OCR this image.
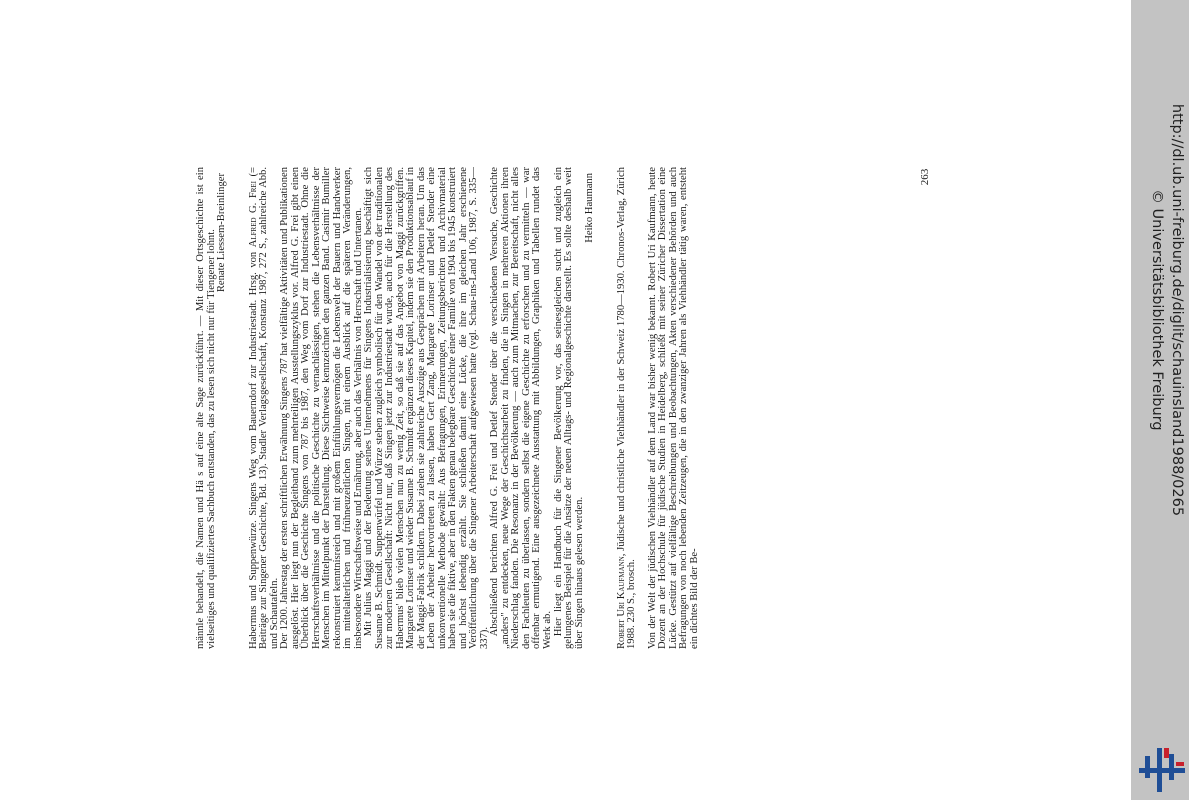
männle behandelt, die Namen und Hä s auf eine alte Sage zurückführt. — Mit dieser Ortsgeschichte ist ein vielseitiges und qualifiziertes Sachbuch entstanden, das zu lesen sich nicht nur für Tiengener lohnt. Renate Liessem-Breinlinger

Habermus und Suppenwürze. Singens Weg vom Bauerndorf zur Industriestadt. Hrsg. von Alfred G. Frei (= Beiträge zur Singener Geschichte, Bd. 13). Stadler Verlagsgesellschaft, Konstanz 1987, 272 S., zahlreiche Abb. und Schautafeln. Der 1200. Jahrestag der ersten schriftlichen Erwähnung Singens 787 hat vielfältige Aktivitäten und Publikationen ausgelöst. Hier liegt nun der Begleitband zum mehrteiligen Ausstellungszyklus vor. Alfred G. Frei gibt einen Überblick über die Geschichte Singens von 787 bis 1987, den Weg vom Dorf zur Industriestadt. Ohne die Herrschaftsverhältnisse und die politische Geschichte zu vernachlässigen, stehen die Lebensverhältnisse der Menschen im Mittelpunkt der Darstellung. Diese Sichtweise kennzeichnet den ganzen Band. Casimir Bumiller rekonstruiert kenntnisreich und mit großem Einfühlungsvermögen die Lebenswelt der Bauern und Handwerker im mittelalterlichen und frühneuzeitlichen Singen, mit einem Ausblick auf die späteren Veränderungen, insbesondere Wirtschaftsweise und Ernährung, aber auch das Verhältnis von Herrschaft und Untertanen. Mit Julius Maggi und der Bedeutung seines Unternehmens für Singens Industrialisierung beschäftigt sich Susanne B. Schmidt. Suppenwürfel und Würze stehen zugleich symbolisch für den Wandel von der traditionalen zur modernen Gesellschaft: Nicht nur, daß Singen jetzt zur Industriestadt wurde, auch für die Herstellung des Habermus' blieb vielen Menschen nun zu wenig Zeit, so daß sie auf das Angebot von Maggi zurückgriffen. Margarete Lorinser und wieder Susanne B. Schmidt ergänzen dieses Kapitel, indem sie den Produktionsablauf in der Maggi-Fabrik schildern. Dabei ziehen sie zahlreiche Auszüge aus Gesprächen mit Arbeitern heran. Um das Leben der Arbeiter hervortreten zu lassen, haben Gert Zang, Margarete Lorinser und Detlef Stender eine unkonventionelle Methode gewählt: Aus Befragungen, Erinnerungen, Zeitungsberichten und Archivmaterial haben sie die fiktive, aber in den Fakten genau belegbare Geschichte einer Familie von 1904 bis 1945 konstruiert und höchst lebendig erzählt. Sie schließen damit eine Lücke, die ihre im gleichen Jahr erschienene Veröffentlichung über die Singener Arbeiterschaft aufgewiesen hatte (vgl. Schau-ins-Land 106, 1987, S. 335—337).

Abschließend berichten Alfred G. Frei und Detlef Stender über die verschiedenen Versuche, Geschichte „anders" zu entdecken, neue Wege der Geschichtsarbeit zu finden, die in Singen in mehreren Aktionen ihren Niederschlag fanden. Die Resonanz in der Bevölkerung — auch zum Mitmachen, zur Bereitschaft, nicht alles den Fachleuten zu überlassen, sondern selbst die eigene Geschichte zu erforschen und zu vermitteln — war offenbar ermutigend. Eine ausgezeichnete Ausstattung mit Abbildungen, Graphiken und Tabellen rundet das Werk ab. Hier liegt ein Handbuch für die Singener Bevölkerung vor, das seinesgleichen sucht und zugleich ein gelungenes Beispiel für die Ansätze der neuen Alltags- und Regionalgeschichte darstellt. Es sollte deshalb weit über Singen hinaus gelesen werden.

Heiko Haumann

Robert Uri Kaufmann, Jüdische und christliche Viehhändler in der Schweiz 1780—1930. Chronos-Verlag, Zürich 1988. 230 S., brosch. Von der Welt der jüdischen Viehhändler auf dem Land war bisher wenig bekannt. Robert Uri Kaufmann, heute Dozent an der Hochschule für jüdische Studien in Heidelberg, schließt mit seiner Züricher Dissertation eine Lücke. Gestützt auf vielfältige Beschreibungen und Beobachtungen, Akten verschiedener Behörden und auch Befragungen von noch lebenden Zeitzeugen, die in den zwanziger Jahren als Viehhändler tätig waren, entsteht ein dichtes Bild der Be-

263	http://dl.ub.uni-freiburg.de/diglit/schauinsland1988/0265
© Universitätsbibliothek Freiburg
